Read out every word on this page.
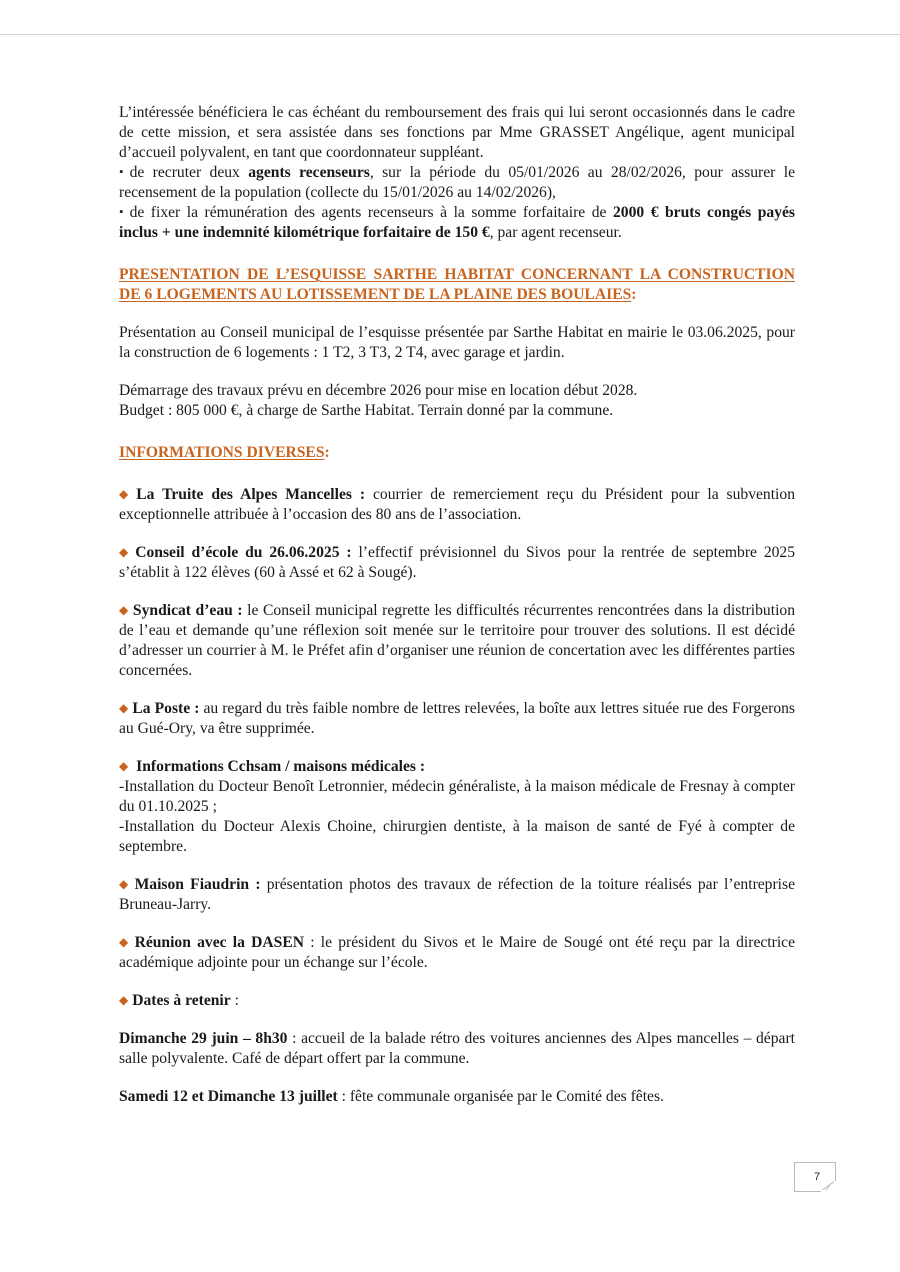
L’intéressée bénéficiera le cas échéant du remboursement des frais qui lui seront occasionnés dans le cadre de cette mission, et sera assistée dans ses fonctions par Mme GRASSET Angélique, agent municipal d’accueil polyvalent, en tant que coordonnateur suppléant.

• de recruter deux agents recenseurs, sur la période du 05/01/2026 au 28/02/2026, pour assurer le recensement de la population (collecte du 15/01/2026 au 14/02/2026),

• de fixer la rémunération des agents recenseurs à la somme forfaitaire de 2000 € bruts congés payés inclus + une indemnité kilométrique forfaitaire de 150 €, par agent recenseur.

PRESENTATION DE L’ESQUISSE SARTHE HABITAT CONCERNANT LA CONSTRUCTION DE 6 LOGEMENTS AU LOTISSEMENT DE LA PLAINE DES BOULAIES:

Présentation au Conseil municipal de l’esquisse présentée par Sarthe Habitat en mairie le 03.06.2025, pour la construction de 6 logements : 1 T2, 3 T3, 2 T4, avec garage et jardin.

Démarrage des travaux prévu en décembre 2026 pour mise en location début 2028.

Budget : 805 000 €, à charge de Sarthe Habitat. Terrain donné par la commune.

INFORMATIONS DIVERSES:

◆ La Truite des Alpes Mancelles : courrier de remerciement reçu du Président pour la subvention exceptionnelle attribuée à l’occasion des 80 ans de l’association.

◆ Conseil d’école du 26.06.2025 : l’effectif prévisionnel du Sivos pour la rentrée de septembre 2025 s’établit à 122 élèves (60 à Assé et 62 à Sougé).

◆ Syndicat d’eau : le Conseil municipal regrette les difficultés récurrentes rencontrées dans la distribution de l’eau et demande qu’une réflexion soit menée sur le territoire pour trouver des solutions. Il est décidé d’adresser un courrier à M. le Préfet afin d’organiser une réunion de concertation avec les différentes parties concernées.

◆ La Poste : au regard du très faible nombre de lettres relevées, la boîte aux lettres située rue des Forgerons au Gué-Ory, va être supprimée.

◆ Informations Cchsam / maisons médicales :

-Installation du Docteur Benoît Letronnier, médecin généraliste, à la maison médicale de Fresnay à compter du 01.10.2025 ;

-Installation du Docteur Alexis Choine, chirurgien dentiste, à la maison de santé de Fyé à compter de septembre.

◆ Maison Fiaudrin : présentation photos des travaux de réfection de la toiture réalisés par l’entreprise Bruneau-Jarry.

◆ Réunion avec la DASEN : le président du Sivos et le Maire de Sougé ont été reçu par la directrice académique adjointe pour un échange sur l’école.

◆ Dates à retenir :

Dimanche 29 juin – 8h30 : accueil de la balade rétro des voitures anciennes des Alpes mancelles – départ salle polyvalente. Café de départ offert par la commune.

Samedi 12 et Dimanche 13 juillet : fête communale organisée par le Comité des fêtes.

7
